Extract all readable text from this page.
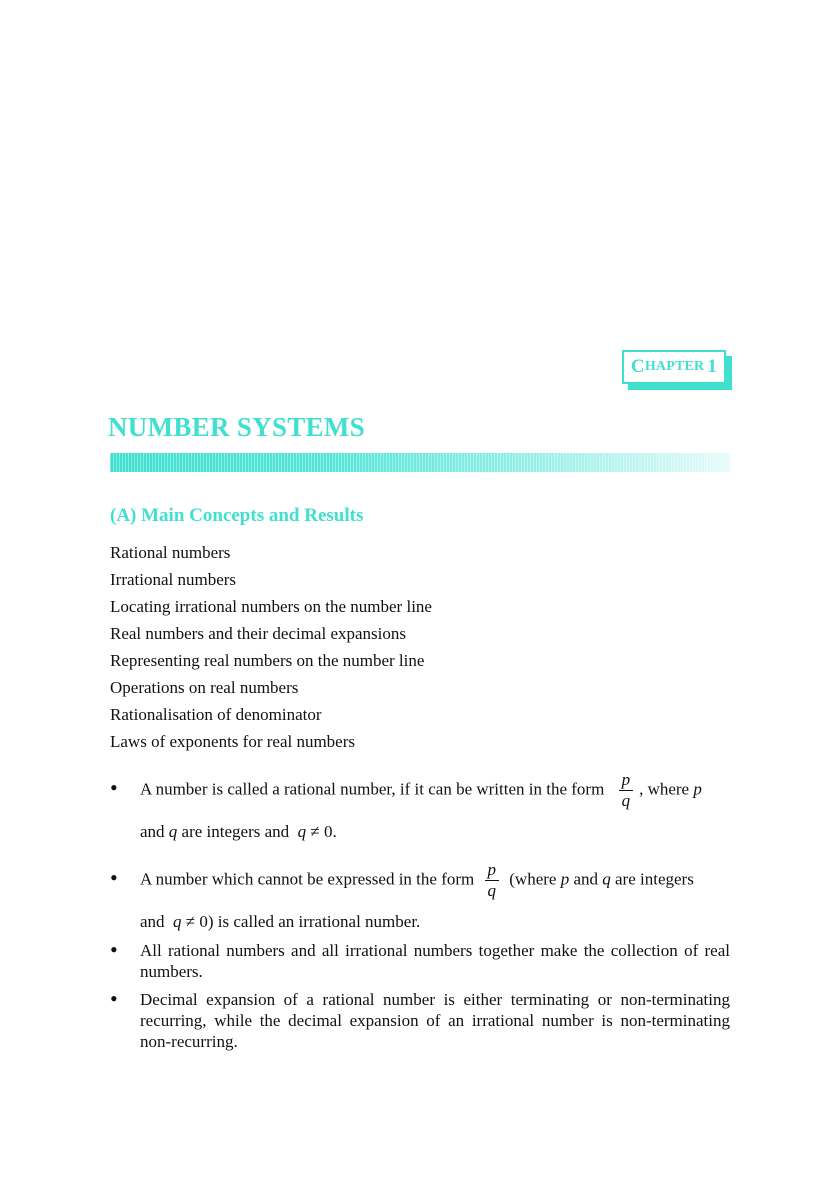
C HAPTER 1
NUMBER SYSTEMS
(A) Main Concepts and Results
Rational numbers
Irrational numbers
Locating irrational numbers on the number line
Real numbers and their decimal expansions
Representing real numbers on the number line
Operations on real numbers
Rationalisation of denominator
Laws of exponents for real numbers
• A number is called a rational number, if it can be written in the form $\frac{p}{q}$ , where p
and q are integers and q ≠ 0.
• A number which cannot be expressed in the form $\frac{p}{q}$ (where p and q are integers
and q ≠ 0) is called an irrational number.
• All rational numbers and all irrational numbers together make the collection of real numbers.
• Decimal expansion of a rational number is either terminating or non-terminating recurring, while the decimal expansion of an irrational number is non-terminating non-recurring.
